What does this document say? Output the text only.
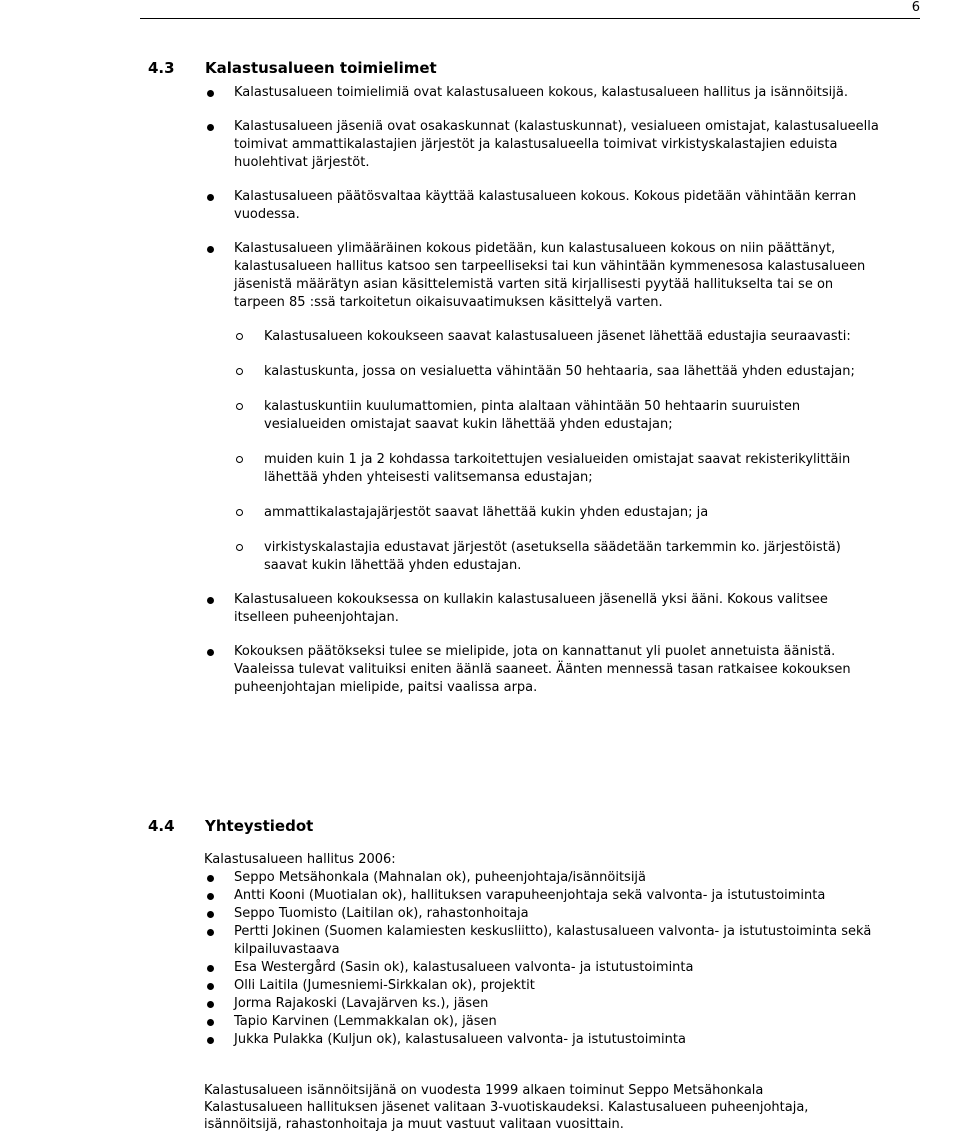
6
4.3 Kalastusalueen toimielimet
Kalastusalueen toimielimiä ovat kalastusalueen kokous, kalastusalueen hallitus ja isännöitsijä.
Kalastusalueen jäseniä ovat osakaskunnat (kalastuskunnat), vesialueen omistajat, kalastusalueella toimivat ammattikalastajien järjestöt ja kalastusalueella toimivat virkistyskalastajien eduista huolehtivat järjestöt.
Kalastusalueen päätösvaltaa käyttää kalastusalueen kokous. Kokous pidetään vähintään kerran vuodessa.
Kalastusalueen ylimääräinen kokous pidetään, kun kalastusalueen kokous on niin päättänyt, kalastusalueen hallitus katsoo sen tarpeelliseksi tai kun vähintään kymmenesosa kalastusalueen jäsenistä määrätyn asian käsittelemistä varten sitä kirjallisesti pyytää hallitukselta tai se on tarpeen 85 :ssä tarkoitetun oikaisuvaatimuksen käsittelyä varten.
Kalastusalueen kokoukseen saavat kalastusalueen jäsenet lähettää edustajia seuraavasti:
kalastuskunta, jossa on vesialuetta vähintään 50 hehtaaria, saa lähettää yhden edustajan;
kalastuskuntiin kuulumattomien, pinta alaltaan vähintään 50 hehtaarin suuruisten vesialueiden omistajat saavat kukin lähettää yhden edustajan;
muiden kuin 1 ja 2 kohdassa tarkoitettujen vesialueiden omistajat saavat rekisterikylittäin lähettää yhden yhteisesti valitsemansa edustajan;
ammattikalastajajärjestöt saavat lähettää kukin yhden edustajan; ja
virkistyskalastajia edustavat järjestöt (asetuksella säädetään tarkemmin ko. järjestöistä) saavat kukin lähettää yhden edustajan.
Kalastusalueen kokouksessa on kullakin kalastusalueen jäsenellä yksi ääni. Kokous valitsee itselleen puheenjohtajan.
Kokouksen päätökseksi tulee se mielipide, jota on kannattanut yli puolet annetuista äänistä. Vaaleissa tulevat valituiksi eniten äänIä saaneet. Äänten mennessä tasan ratkaisee kokouksen puheenjohtajan mielipide, paitsi vaalissa arpa.
4.4 Yhteystiedot
Kalastusalueen hallitus 2006:
Seppo Metsähonkala (Mahnalan ok), puheenjohtaja/isännöitsijä
Antti Kooni (Muotialan ok), hallituksen varapuheenjohtaja sekä valvonta- ja istutustoiminta
Seppo Tuomisto (Laitilan ok), rahastonhoitaja
Pertti Jokinen (Suomen kalamiesten keskusliitto), kalastusalueen valvonta- ja istutustoiminta sekä kilpailuvastaava
Esa Westergård (Sasin ok), kalastusalueen valvonta- ja istutustoiminta
Olli Laitila (Jumesniemi-Sirkkalan ok), projektit
Jorma Rajakoski (Lavajärven ks.), jäsen
Tapio Karvinen (Lemmakkalan ok), jäsen
Jukka Pulakka (Kuljun ok), kalastusalueen valvonta- ja istutustoiminta

Kalastusalueen isännöitsijänä on vuodesta 1999 alkaen toiminut Seppo Metsähonkala
Kalastusalueen hallituksen jäsenet valitaan 3-vuotiskaudeksi. Kalastusalueen puheenjohtaja, isännöitsijä, rahastonhoitaja ja muut vastuut valitaan vuosittain.
